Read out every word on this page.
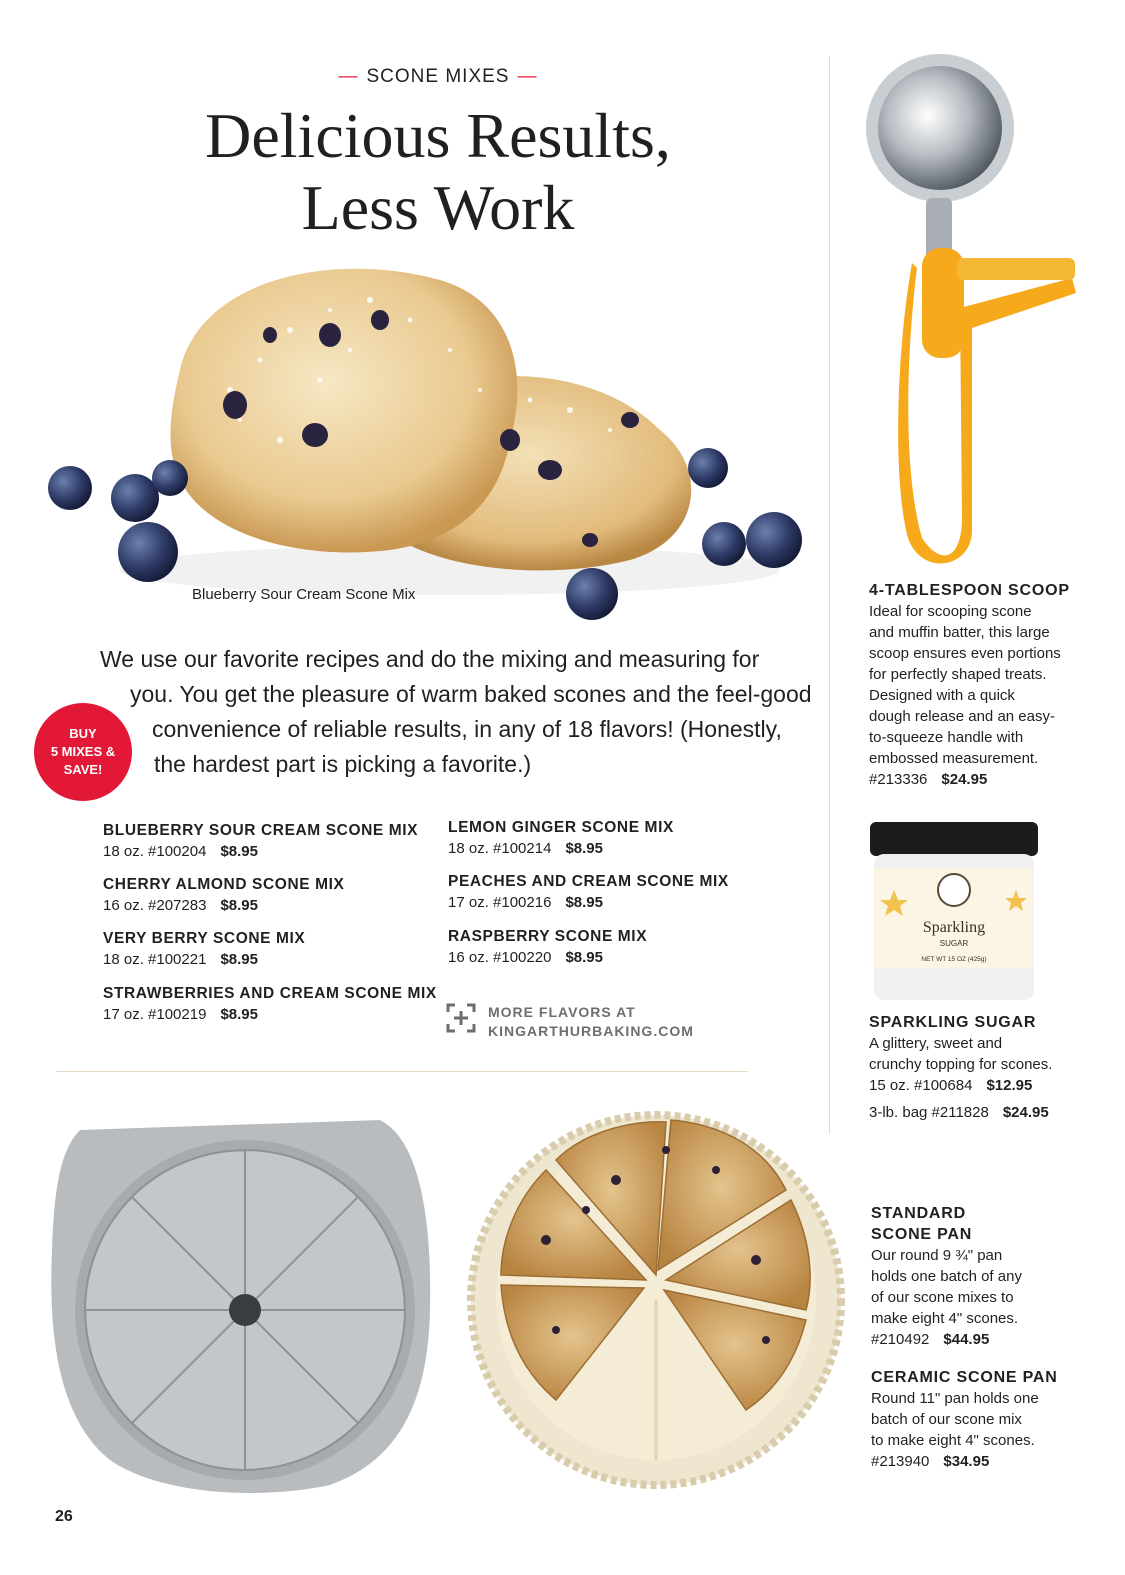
— SCONE MIXES —
Delicious Results,
Less Work
Blueberry Sour Cream Scone Mix
We use our favorite recipes and do the mixing and measuring for
you. You get the pleasure of warm baked scones and the feel-good
convenience of reliable results, in any of 18 flavors! (Honestly,
the hardest part is picking a favorite.)
BUY
5 MIXES &
SAVE!
BLUEBERRY SOUR CREAM SCONE MIX
18 oz. #100204 $8.95
CHERRY ALMOND SCONE MIX
16 oz. #207283 $8.95
VERY BERRY SCONE MIX
18 oz. #100221 $8.95
STRAWBERRIES AND CREAM SCONE MIX
17 oz. #100219 $8.95
LEMON GINGER SCONE MIX
18 oz. #100214 $8.95
PEACHES AND CREAM SCONE MIX
17 oz. #100216 $8.95
RASPBERRY SCONE MIX
16 oz. #100220 $8.95
MORE FLAVORS AT
KINGARTHURBAKING.COM
4-TABLESPOON SCOOP
Ideal for scooping scone
and muffin batter, this large
scoop ensures even portions
for perfectly shaped treats.
Designed with a quick
dough release and an easy-
to-squeeze handle with
embossed measurement.
#213336 $24.95
Sparkling
SUGAR
NET WT 15 OZ (425g)
SPARKLING SUGAR
A glittery, sweet and
crunchy topping for scones.
15 oz. #100684 $12.95
3-lb. bag #211828 $24.95
STANDARD
SCONE PAN
Our round 9 ¾" pan
holds one batch of any
of our scone mixes to
make eight 4" scones.
#210492 $44.95
CERAMIC SCONE PAN
Round 11" pan holds one
batch of our scone mix
to make eight 4" scones.
#213940 $34.95
26
